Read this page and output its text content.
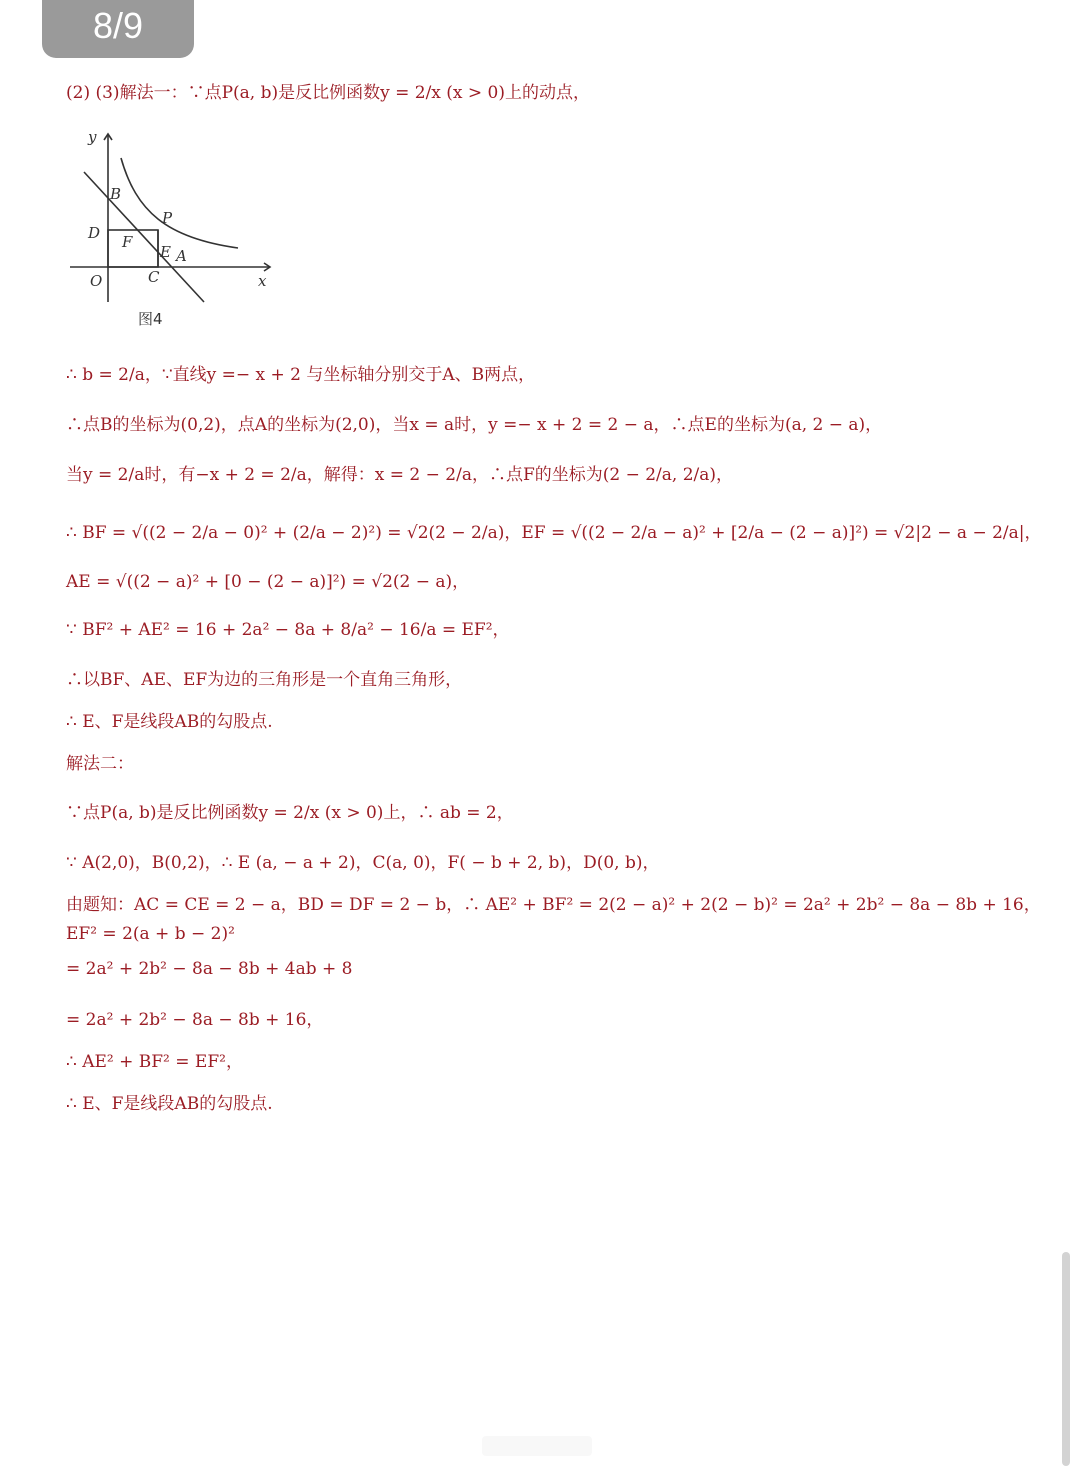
8/9
(2) (3)解法一：∵点P(a, b)是反比例函数y = 2/x (x > 0)上的动点，
∴ b = 2/a，∵直线y =− x + 2 与坐标轴分别交于A、B两点，
∴点B的坐标为(0,2)，点A的坐标为(2,0)，当x = a时，y =− x + 2 = 2 − a，∴点E的坐标为(a, 2 − a)，
当y = 2/a时，有−x + 2 = 2/a，解得：x = 2 − 2/a，∴点F的坐标为(2 − 2/a, 2/a)，
∴ BF = √((2 − 2/a − 0)² + (2/a − 2)²) = √2(2 − 2/a)，EF = √((2 − 2/a − a)² + [2/a − (2 − a)]²) = √2|2 − a − 2/a|，
AE = √((2 − a)² + [0 − (2 − a)]²) = √2(2 − a)，
∵ BF² + AE² = 16 + 2a² − 8a + 8/a² − 16/a = EF²，
∴以BF、AE、EF为边的三角形是一个直角三角形，
∴ E、F是线段AB的勾股点.
解法二：
∵点P(a, b)是反比例函数y = 2/x (x > 0)上，∴ ab = 2，
∵ A(2,0)，B(0,2)，∴ E (a, − a + 2)，C(a, 0)，F( − b + 2, b)，D(0, b)，
由题知：AC = CE = 2 − a，BD = DF = 2 − b，∴ AE² + BF² = 2(2 − a)² + 2(2 − b)² = 2a² + 2b² − 8a − 8b + 16，
EF² = 2(a + b − 2)²
= 2a² + 2b² − 8a − 8b + 4ab + 8
= 2a² + 2b² − 8a − 8b + 16，
∴ AE² + BF² = EF²，
∴ E、F是线段AB的勾股点.
y
x
O
B
D F
P
E A
C
图4
